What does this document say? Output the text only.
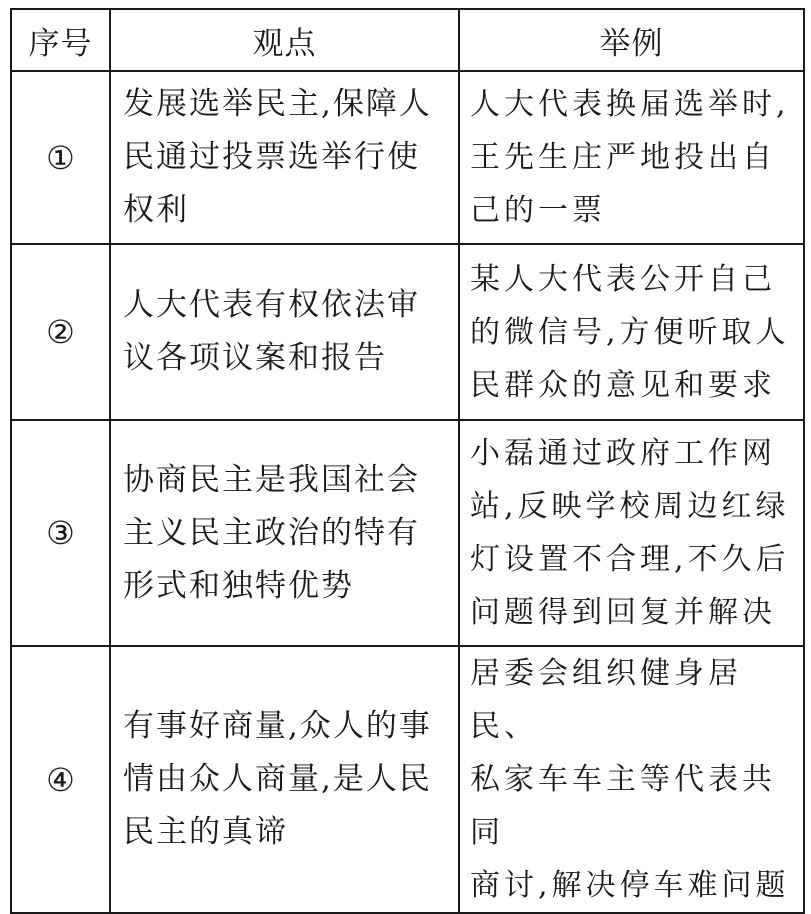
序号	观点	举例
①	发展选举民主,保障人
民通过投票选举行使
权利	人大代表换届选举时,
王先生庄严地投出自
己的一票

②	人大代表有权依法审
议各项议案和报告	某人大代表公开自己
的微信号,方便听取人
民群众的意见和要求

③	协商民主是我国社会
主义民主政治的特有
形式和独特优势	小磊通过政府工作网
站,反映学校周边红绿
灯设置不合理,不久后
问题得到回复并解决

④	有事好商量,众人的事
情由众人商量,是人民
民主的真谛	居委会组织健身居民、
私家车车主等代表共同
商讨,解决停车难问题
